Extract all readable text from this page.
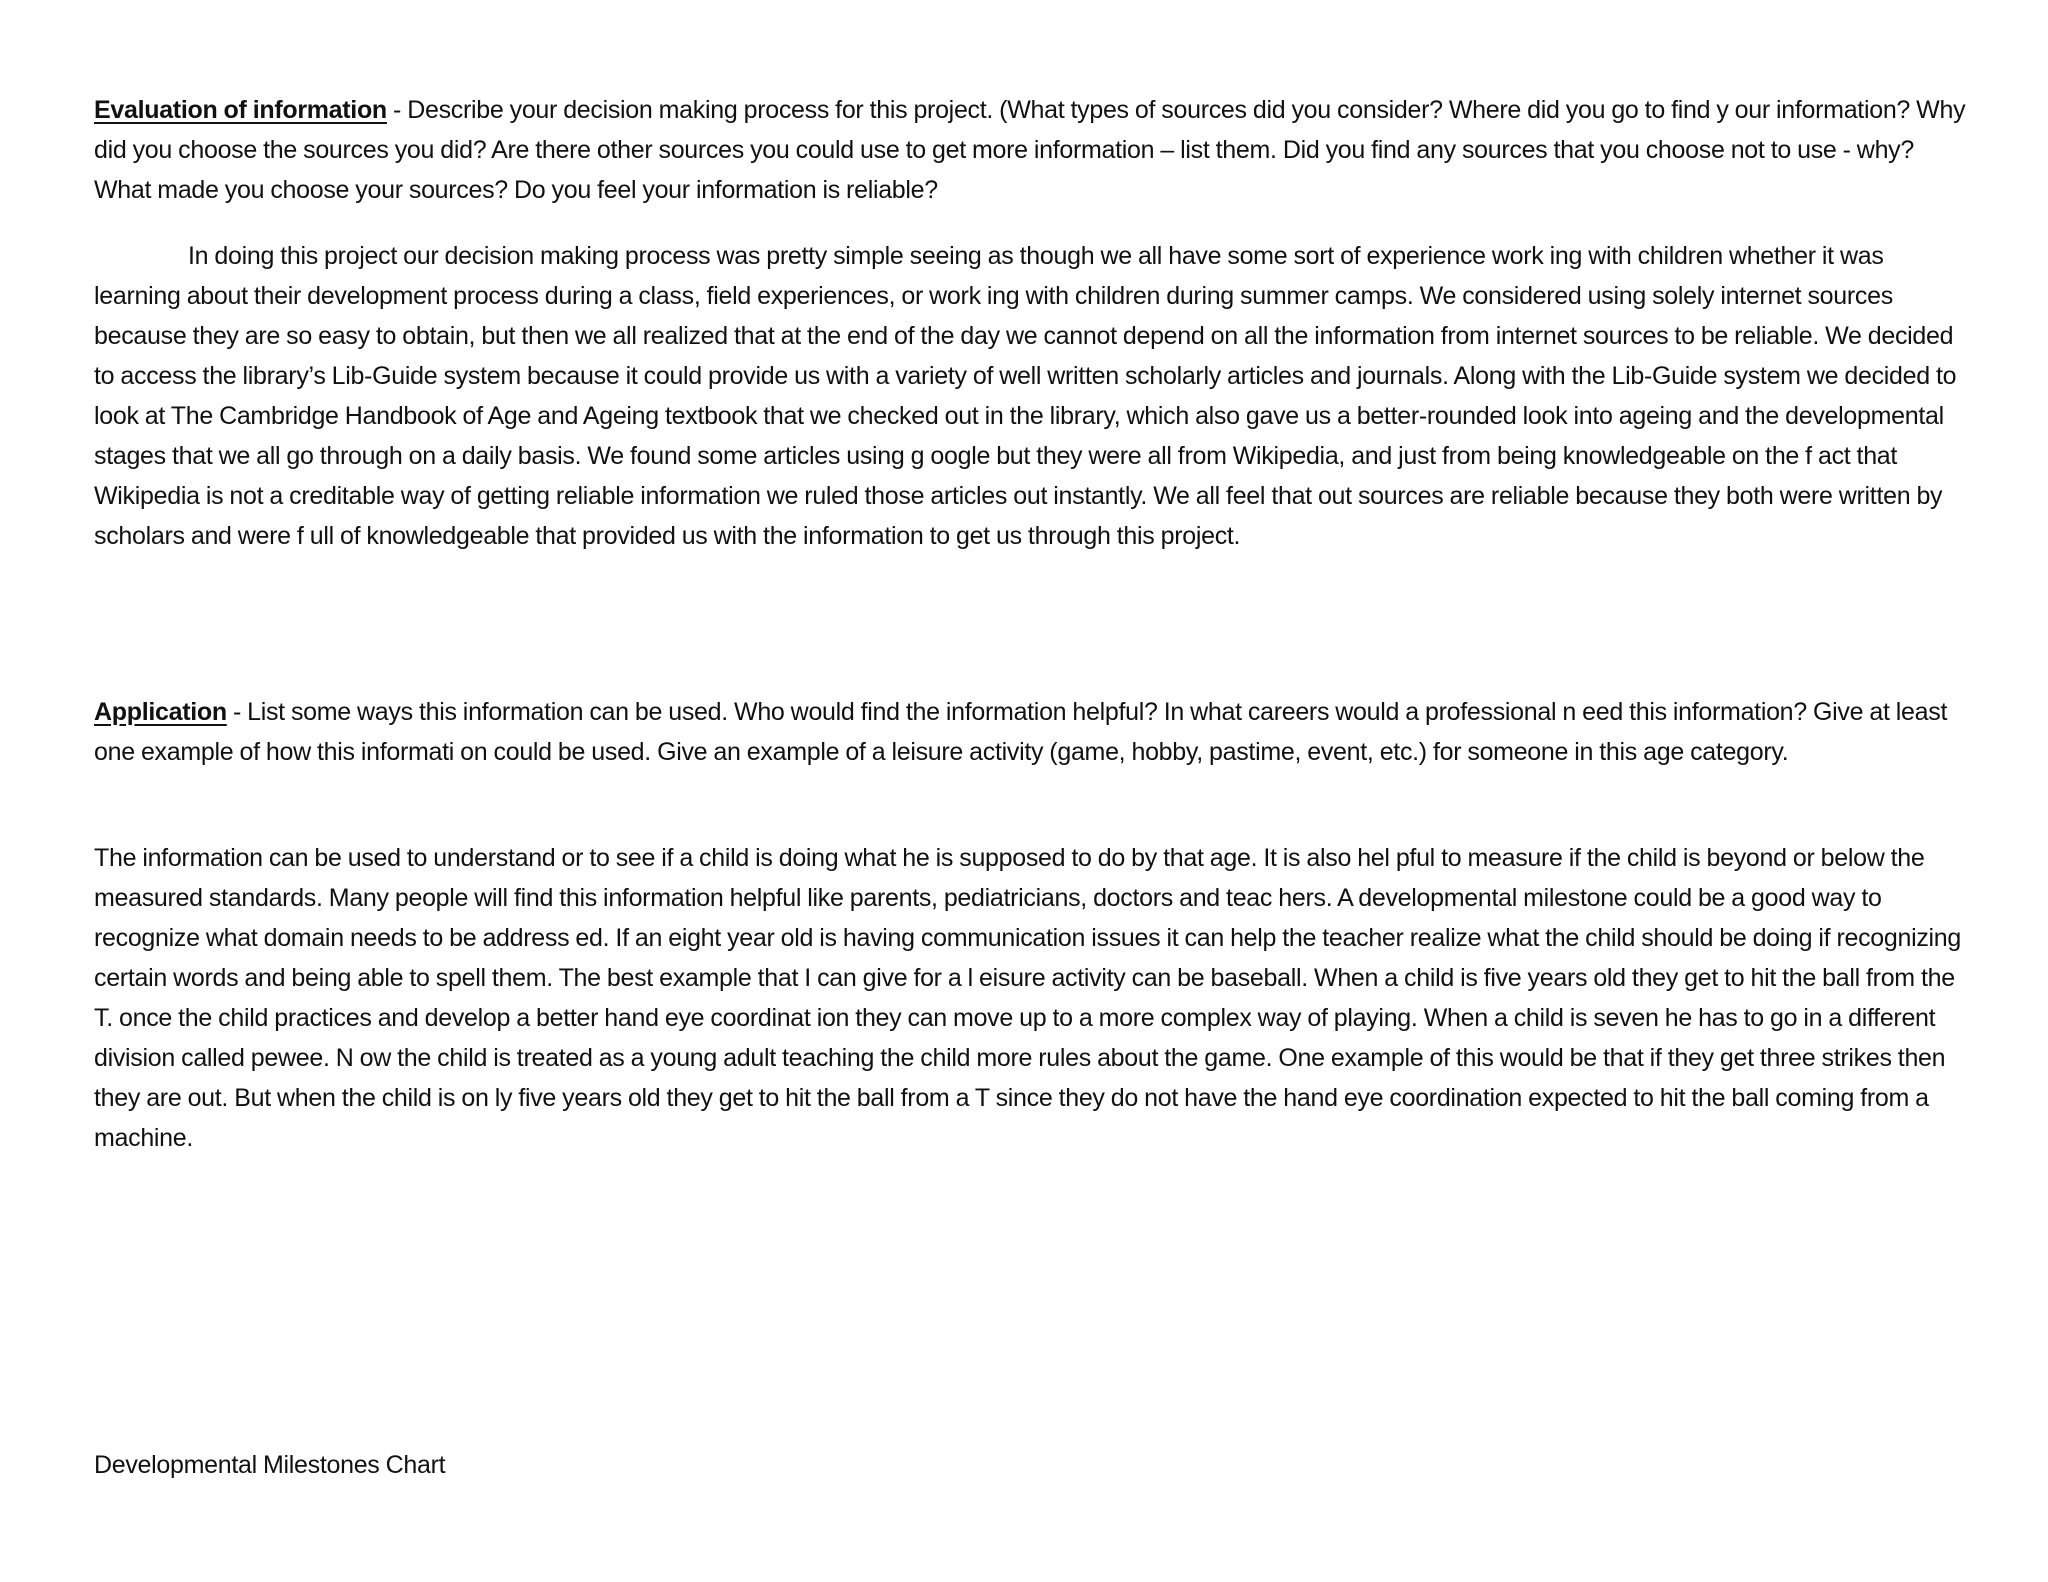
Evaluation of information - Describe your decision making process for this project. (What types of sources did you consider? Where did you go to find y our information? Why did you choose the sources you did? Are there other sources you could use to get more information – list them. Did you find any sources that you choose not to use - why? What made you choose your sources? Do you feel your information is reliable?

In doing this project our decision making process was pretty simple seeing as though we all have some sort of experience work ing with children whether it was learning about their development process during a class, field experiences, or work ing with children during summer camps. We considered using solely internet sources because they are so easy to obtain, but then we all realized that at the end of the day we cannot depend on all the information from internet sources to be reliable. We decided to access the library’s Lib-Guide system because it could provide us with a variety of well written scholarly articles and journals. Along with the Lib-Guide system we decided to look at The Cambridge Handbook of Age and Ageing textbook that we checked out in the library, which also gave us a better-rounded look into ageing and the developmental stages that we all go through on a daily basis. We found some articles using g oogle but they were all from Wikipedia, and just from being knowledgeable on the f act that Wikipedia is not a creditable way of getting reliable information we ruled those articles out instantly. We all feel that out sources are reliable because they both were written by scholars and were f ull of knowledgeable that provided us with the information to get us through this project.

Application - List some ways this information can be used. Who would find the information helpful? In what careers would a professional n eed this information? Give at least one example of how this informati on could be used. Give an example of a leisure activity (game, hobby, pastime, event, etc.) for someone in this age category.

The information can be used to understand or to see if a child is doing what he is supposed to do by that age. It is also hel pful to measure if the child is beyond or below the measured standards. Many people will find this information helpful like parents, pediatricians, doctors and teac hers. A developmental milestone could be a good way to recognize what domain needs to be address ed. If an eight year old is having communication issues it can help the teacher realize what the child should be doing if recognizing certain words and being able to spell them. The best example that I can give for a l eisure activity can be baseball. When a child is five years old they get to hit the ball from the T. once the child practices and develop a better hand eye coordinat ion they can move up to a more complex way of playing. When a child is seven he has to go in a different division called pewee. N ow the child is treated as a young adult teaching the child more rules about the game. One example of this would be that if they get three strikes then they are out. But when the child is on ly five years old they get to hit the ball from a T since they do not have the hand eye coordination expected to hit the ball coming from a machine.

Developmental Milestones Chart
